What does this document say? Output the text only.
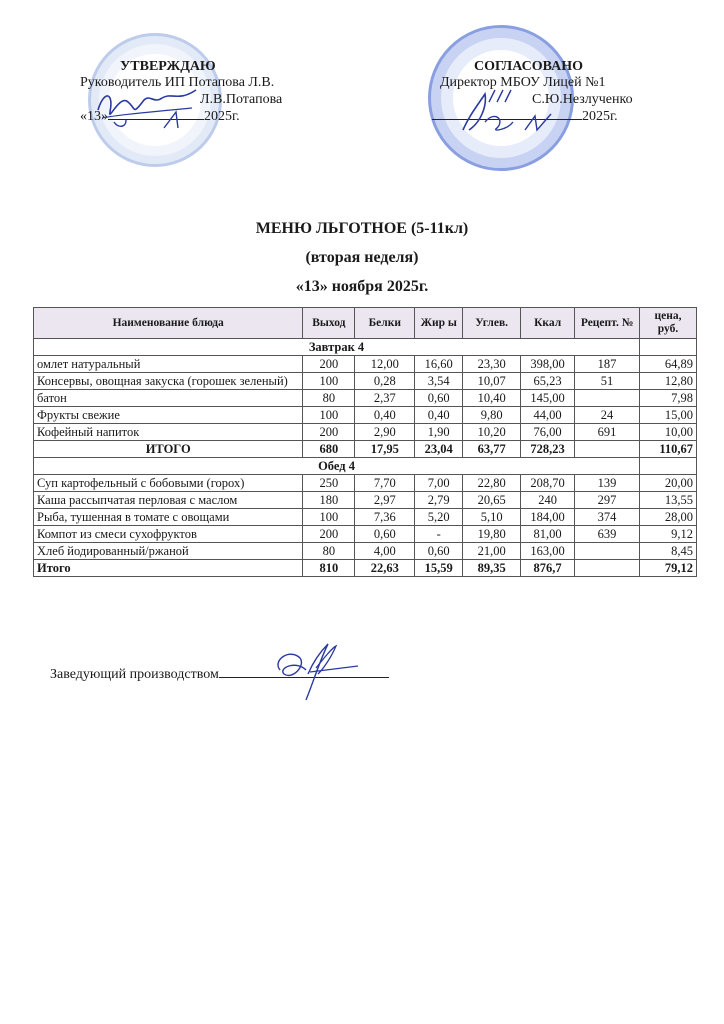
УТВЕРЖДАЮ
Руководитель ИП Потапова Л.В.
Л.В.Потапова
«13»	2025г.
СОГЛАСОВАНО
Директор МБОУ Лицей №1
С.Ю.Незлученко
2025г.
МЕНЮ ЛЬГОТНОЕ (5-11кл)
(вторая неделя)
«13» ноября 2025г.
Наименование блюда	Выход	Белки	Жир ы	Углев.	Ккал	Рецепт. №	цена, руб.
Завтрак 4							
омлет натуральный	200	12,00	16,60	23,30	398,00	187	64,89
Консервы, овощная закуска (горошек зеленый)	100	0,28	3,54	10,07	65,23	51	12,80
батон	80	2,37	0,60	10,40	145,00		7,98
Фрукты свежие	100	0,40	0,40	9,80	44,00	24	15,00
Кофейный напиток	200	2,90	1,90	10,20	76,00	691	10,00
ИТОГО	680	17,95	23,04	63,77	728,23		110,67
Обед 4							
Суп картофельный с бобовыми (горох)	250	7,70	7,00	22,80	208,70	139	20,00
Каша рассыпчатая перловая с маслом	180	2,97	2,79	20,65	240	297	13,55
Рыба, тушенная в томате с овощами	100	7,36	5,20	5,10	184,00	374	28,00
Компот из смеси сухофруктов	200	0,60	-	19,80	81,00	639	9,12
Хлеб йодированный/ржаной	80	4,00	0,60	21,00	163,00		8,45
Итого	810	22,63	15,59	89,35	876,7		79,12
Заведующий производством
